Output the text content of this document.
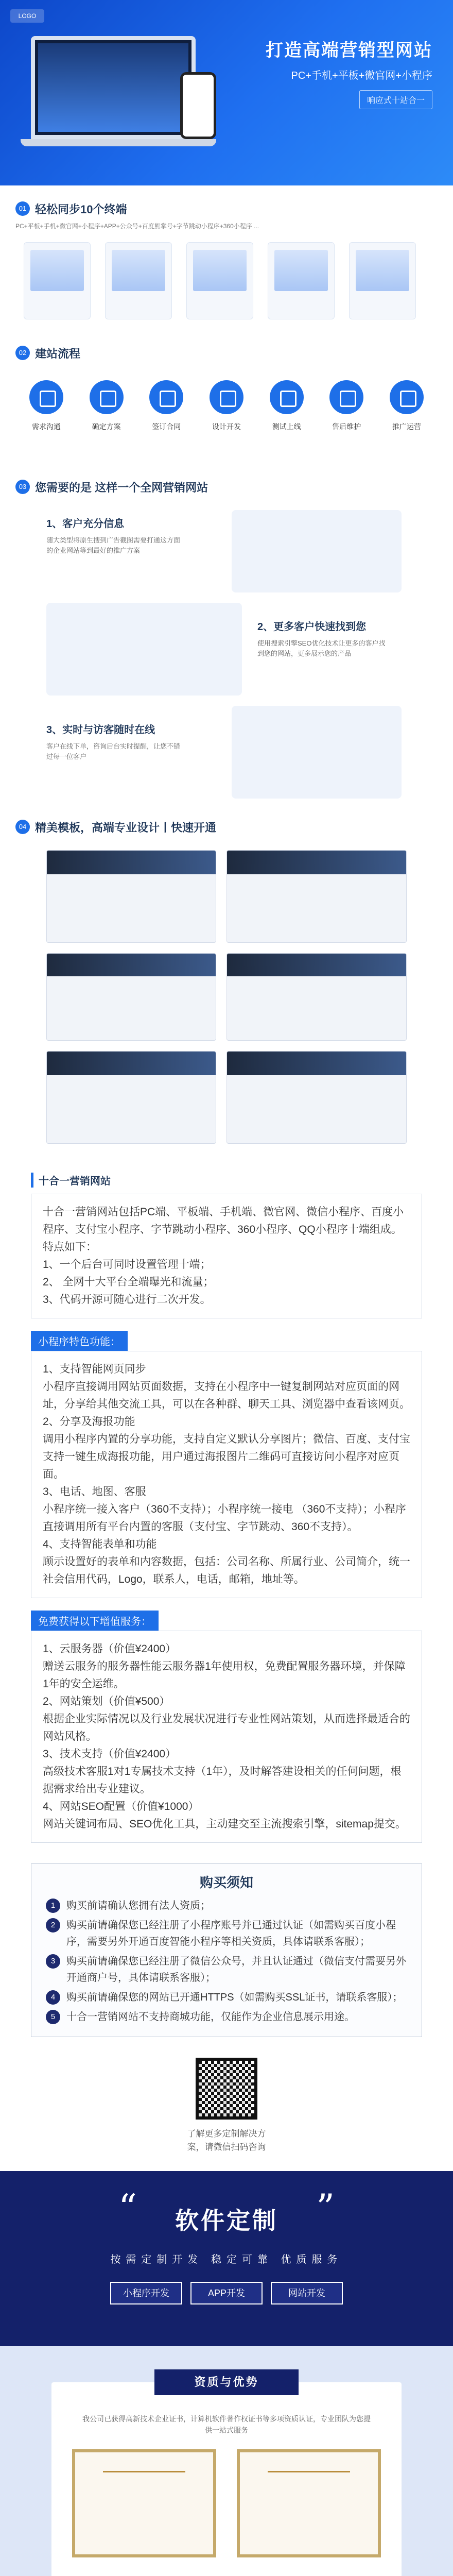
LOGO
打造高端营销型网站
PC+手机+平板+微官网+小程序
响应式十站合一
01 轻松同步10个终端
PC+平板+手机+微官网+小程序+APP+公众号+百度熊掌号+字节跳动小程序+360小程序 ...
02 建站流程
需求沟通	确定方案	签订合同	设计开发	测试上线	售后维护	推广运营
03 您需要的是 这样一个全网营销网站
1、客户充分信息
随大类型将原生搜到广告截图需要打通这方面的企业网站等到最好的推广方案
2、更多客户快速找到您
使用搜索引擎SEO优化技术让更多的客户找到您的网站，更多展示您的产品
3、实时与访客随时在线
客户在线下单，咨询后台实时提醒，让您不错过每一位客户
04 精美模板，高端专业设计丨快速开通
十合一营销网站

十合一营销网站包括PC端、平板端、手机端、微官网、微信小程序、百度小程序、支付宝小程序、字节跳动小程序、360小程序、QQ小程序十端组成。特点如下：

1、一个后台可同时设置管理十端；

2、 全网十大平台全端曝光和流量；

3、代码开源可随心进行二次开发。

小程序特色功能：

1、支持智能网页同步

小程序直接调用网站页面数据，支持在小程序中一键复制网站对应页面的网址，分享给其他交流工具，可以在各种群、聊天工具、浏览器中查看该网页。

2、分享及海报功能

调用小程序内置的分享功能，支持自定义默认分享图片；微信、百度、支付宝支持一键生成海报功能，用户通过海报图片二维码可直接访问小程序对应页面。

3、电话、地图、客服

小程序统一接入客户（360不支持）；小程序统一接电 （360不支持）；小程序直接调用所有平台内置的客服（支付宝、字节跳动、360不支持）。

4、支持智能表单和功能

顾示设置好的表单和内容数据，包括：公司名称、所属行业、公司简介，统一社会信用代码，Logo，联系人，电话，邮箱，地址等。

免费获得以下增值服务：

1、云服务器（价值¥2400）

赠送云服务的服务器性能云服务器1年使用权，免费配置服务器环境，并保障1年的安全运维。

2、网站策划（价值¥500）

根据企业实际情况以及行业发展状况进行专业性网站策划，从而选择最适合的网站风格。

3、技术支持（价值¥2400）

高级技术客服1对1专属技术支持（1年），及时解答建设相关的任何问题，根据需求给出专业建议。

4、网站SEO配置（价值¥1000）

网站关键词布局、SEO优化工具，主动建交至主流搜索引擎，sitemap提交。

购买须知
1	购买前请确认您拥有法人资质；
2	购买前请确保您已经注册了小程序账号并已通过认证（如需购买百度小程序，需要另外开通百度智能小程序等相关资质，具体请联系客服）；
3	购买前请确保您已经注册了微信公众号，并且认证通过（微信支付需要另外开通商户号，具体请联系客服）；
4	购买前请确保您的网站已开通HTTPS（如需购买SSL证书，请联系客服）；
5	十合一营销网站不支持商城功能，仅能作为企业信息展示用途。
了解更多定制解决方
案，请微信扫码咨询
“	”
软件定制
按需定制开发 稳定可靠 优质服务
小程序开发	APP开发	网站开发
我公司已获得高新技术企业证书，计算机软件著作权证书等多项资质认证，专业团队为您提供一站式服务
资质与优势
